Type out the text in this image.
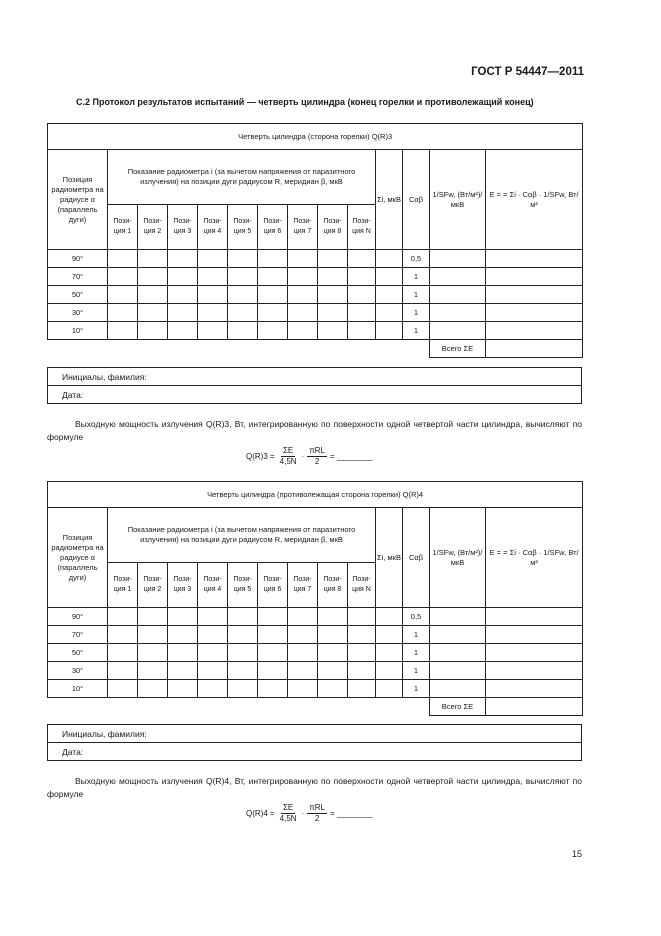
ГОСТ Р 54447—2011
С.2 Протокол результатов испытаний — четверть цилиндра (конец горелки и противолежащий конец)
Четверть цилиндра (сторона горелки) Q(R)3													
Позиция радиометра на радиусе α (параллель дуги)	Показание радиометра i (за вычетом напряжения от паразитного излучения) на позиции дуги радиусом R, меридиан β, мкВ									Σi, мкВ	Cαβ	1/SFw, (Вт/м²)/мкВ	E = = Σi · Cαβ · 1/SFw, Вт/м²
	Пози-ция 1	Пози-ция 2	Пози-ция 3	Пози-ция 4	Пози-ция 5	Пози-ция 6	Пози-ция 7	Пози-ция 8	Пози-ция N				
90°											0,5		
70°											1		
50°											1		
30°											1		
10°											1		
												Всего ΣE	
Инициалы, фамилия:
Дата:

Выходную мощность излучения Q(R)3, Вт, интегрированную по поверхности одной четвертой части цилиндра, вычисляют по формуле

$Q(R)3 = \frac{\Sigma E}{4,5N} \cdot \frac{\text{πRL}}{2}$ = ________
Четверть цилиндра (противолежащая сторона горелки) Q(R)4													
Позиция радиометра на радиусе α (параллель дуги)	Показание радиометра i (за вычетом напряжения от паразитного излучения) на позиции дуги радиусом R, меридиан β, мкВ									Σi, мкВ	Cαβ	1/SFw, (Вт/м²)/мкВ	E = = Σi · Cαβ · 1/SFw, Вт/м²
	Пози-ция 1	Пози-ция 2	Пози-ция 3	Пози-ция 4	Пози-ция 5	Пози-ция 6	Пози-ция 7	Пози-ция 8	Пози-ция N				
90°											0,5		
70°											1		
50°											1		
30°											1		
10°											1		
												Всего ΣE	
Инициалы, фамилия:
Дата:

Выходную мощность излучения Q(R)4, Вт, интегрированную по поверхности одной четвертой части цилиндра, вычисляют по формуле

$Q(R)4 = \frac{\Sigma E}{4,5N} \cdot \frac{\text{πRL}}{2}$ = ________
15
